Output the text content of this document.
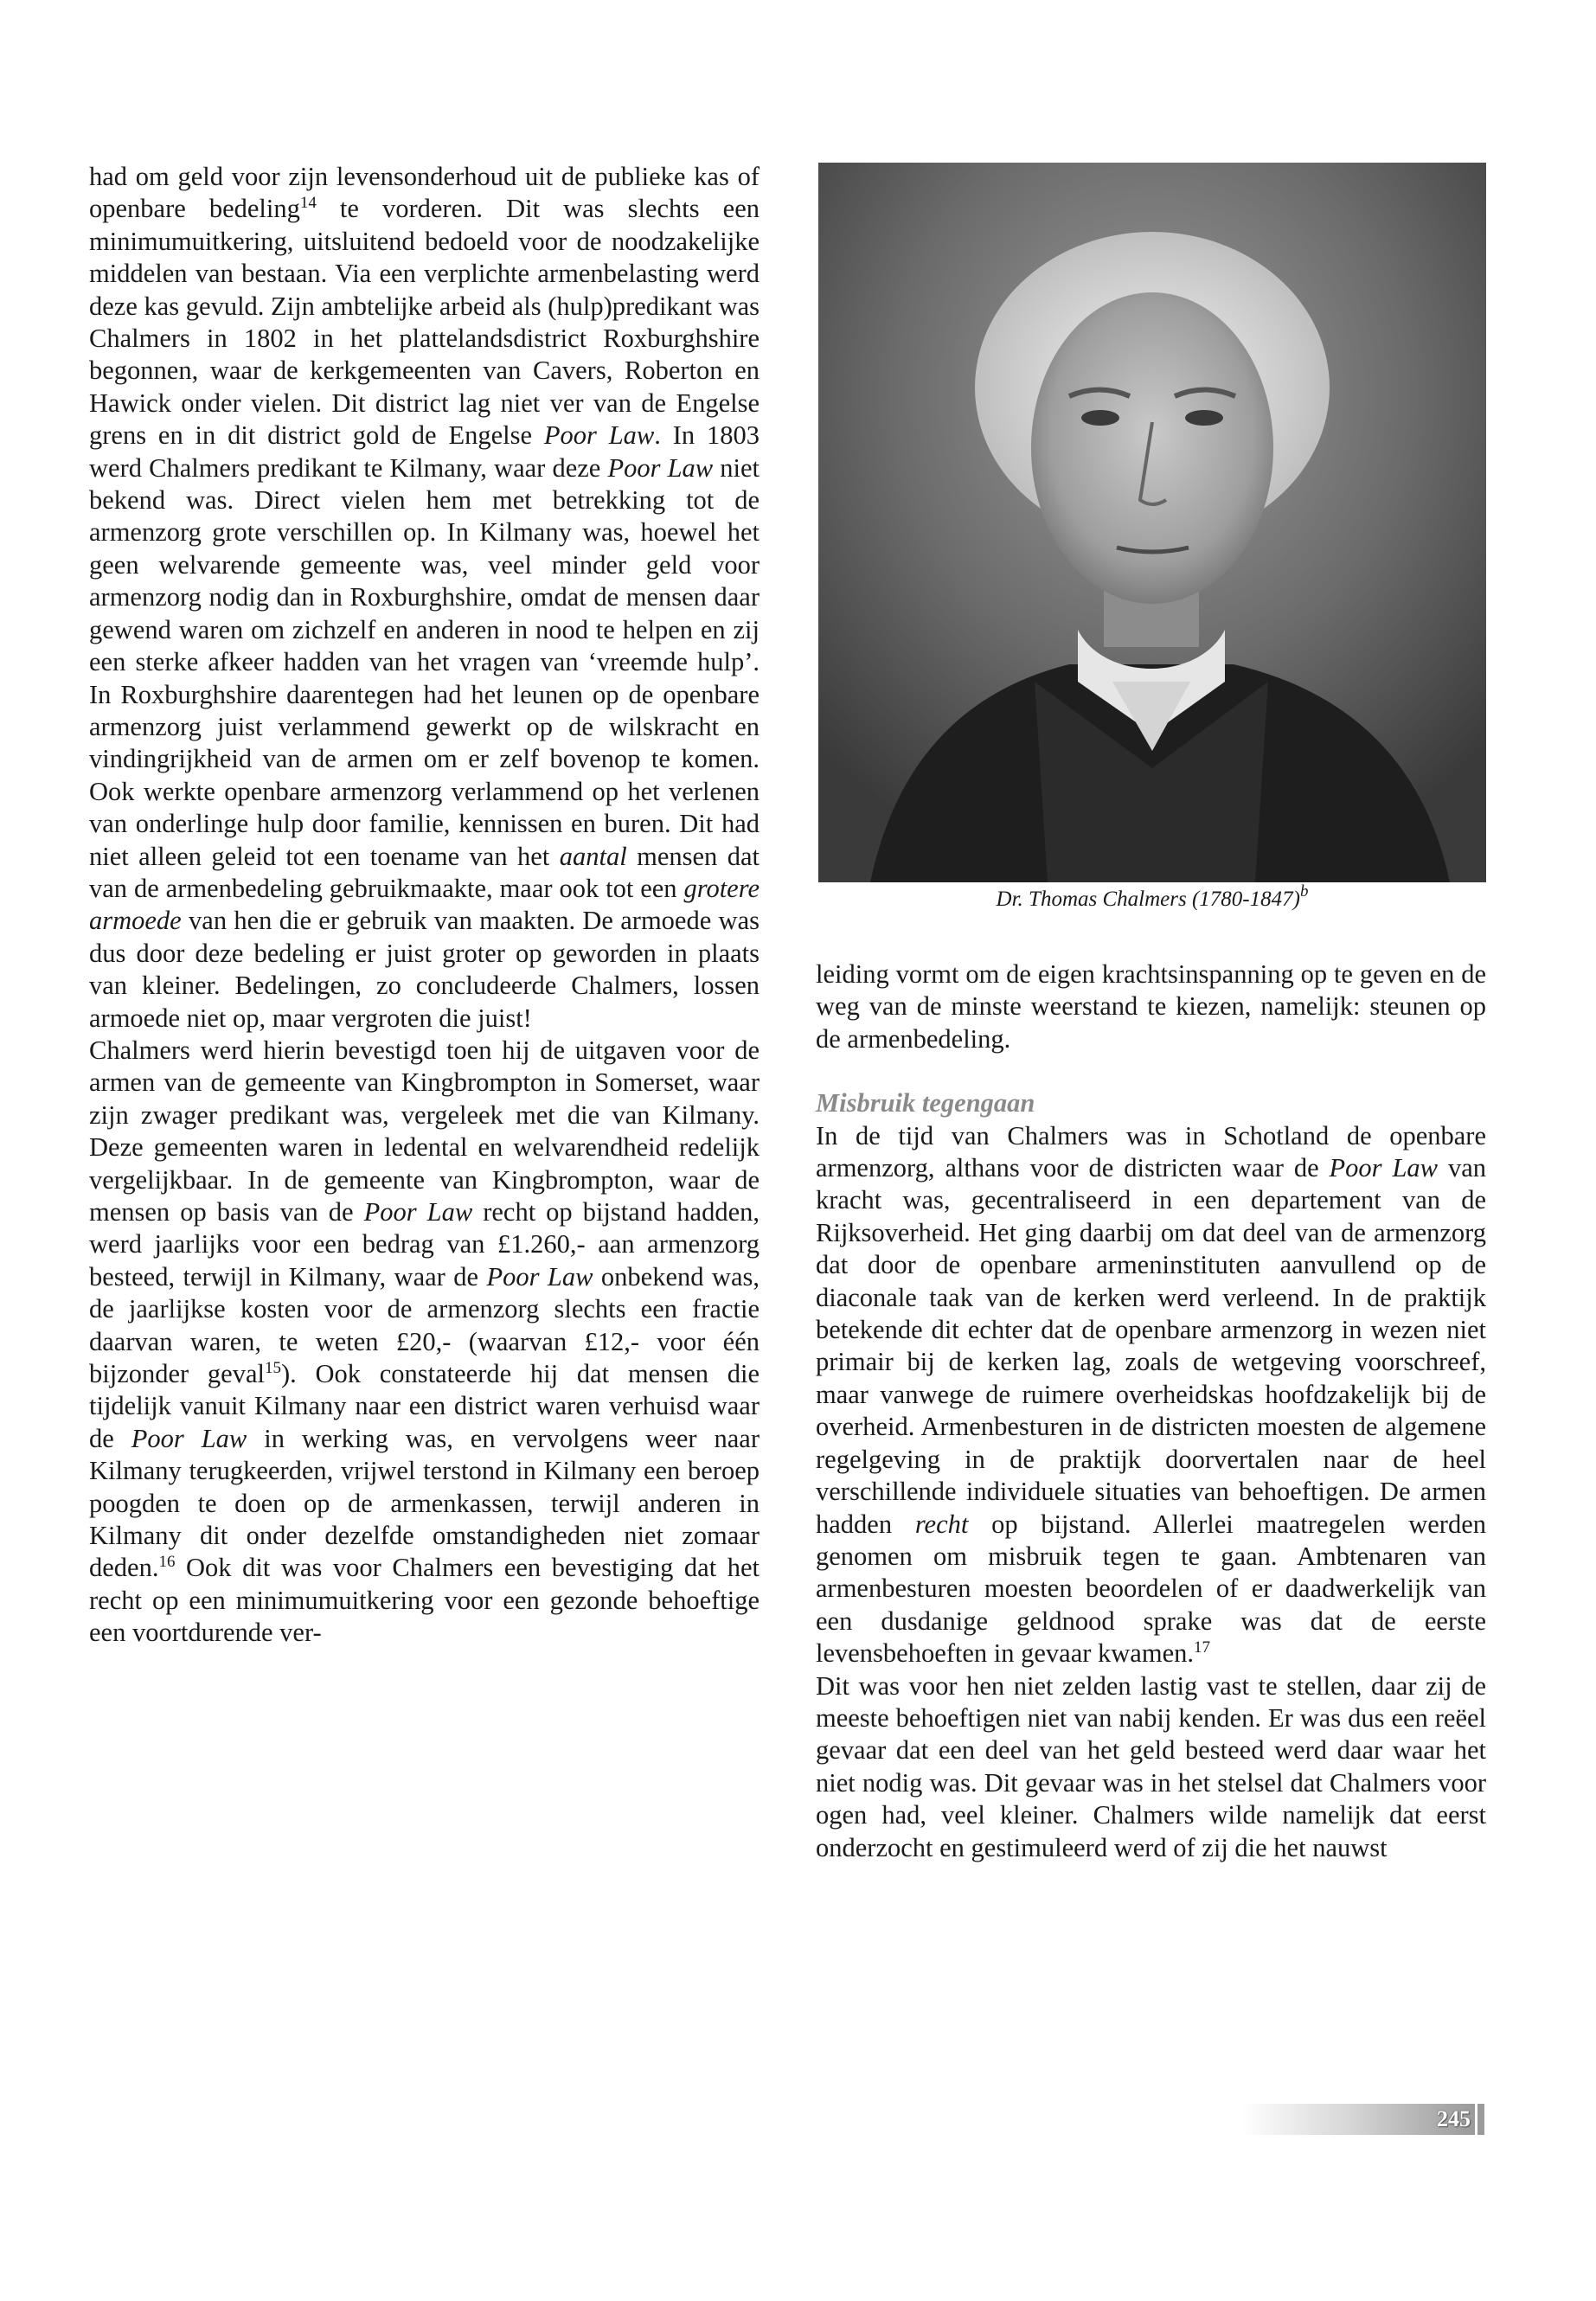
had om geld voor zijn levensonderhoud uit de publieke kas of openbare bedeling$^{14}$ te vorderen. Dit was slechts een minimumuitkering, uitsluitend bedoeld voor de noodzakelijke middelen van bestaan. Via een verplichte armenbelasting werd deze kas gevuld. Zijn ambtelijke arbeid als (hulp)predikant was Chalmers in 1802 in het plattelandsdistrict Roxburghshire begonnen, waar de kerkgemeenten van Cavers, Roberton en Hawick onder vielen. Dit district lag niet ver van de Engelse grens en in dit district gold de Engelse Poor Law. In 1803 werd Chalmers predikant te Kilmany, waar deze Poor Law niet bekend was. Direct vielen hem met betrekking tot de armenzorg grote verschillen op. In Kilmany was, hoewel het geen welvarende gemeente was, veel minder geld voor armenzorg nodig dan in Roxburghshire, omdat de mensen daar gewend waren om zichzelf en anderen in nood te helpen en zij een sterke afkeer hadden van het vragen van ‘vreemde hulp’. In Roxburghshire daarentegen had het leunen op de openbare armenzorg juist verlammend gewerkt op de wilskracht en vindingrijkheid van de armen om er zelf bovenop te komen. Ook werkte openbare armenzorg verlammend op het verlenen van onderlinge hulp door familie, kennissen en buren. Dit had niet alleen geleid tot een toename van het aantal mensen dat van de armenbedeling gebruikmaakte, maar ook tot een grotere armoede van hen die er gebruik van maakten. De armoede was dus door deze bedeling er juist groter op geworden in plaats van kleiner. Bedelingen, zo concludeerde Chalmers, lossen armoede niet op, maar vergroten die juist!

Chalmers werd hierin bevestigd toen hij de uitgaven voor de armen van de gemeente van Kingbrompton in Somerset, waar zijn zwager predikant was, vergeleek met die van Kilmany. Deze gemeenten waren in ledental en welvarendheid redelijk vergelijkbaar. In de gemeente van Kingbrompton, waar de mensen op basis van de Poor Law recht op bijstand hadden, werd jaarlijks voor een bedrag van £1.260,- aan armenzorg besteed, terwijl in Kilmany, waar de Poor Law onbekend was, de jaarlijkse kosten voor de armenzorg slechts een fractie daarvan waren, te weten £20,- (waarvan £12,- voor één bijzonder geval$^{15}$). Ook constateerde hij dat mensen die tijdelijk vanuit Kilmany naar een district waren verhuisd waar de Poor Law in werking was, en vervolgens weer naar Kilmany terugkeerden, vrijwel terstond in Kilmany een beroep poogden te doen op de armenkassen, terwijl anderen in Kilmany dit onder dezelfde omstandigheden niet zomaar deden.$^{16}$ Ook dit was voor Chalmers een bevestiging dat het recht op een minimumuitkering voor een gezonde behoeftige een voortdurende ver-

Dr. Thomas Chalmers (1780-1847)$^b$

leiding vormt om de eigen krachtsinspanning op te geven en de weg van de minste weerstand te kiezen, namelijk: steunen op de armenbedeling.

Misbruik tegengaan

In de tijd van Chalmers was in Schotland de openbare armenzorg, althans voor de districten waar de Poor Law van kracht was, gecentraliseerd in een departement van de Rijksoverheid. Het ging daarbij om dat deel van de armenzorg dat door de openbare armeninstituten aanvullend op de diaconale taak van de kerken werd verleend. In de praktijk betekende dit echter dat de openbare armenzorg in wezen niet primair bij de kerken lag, zoals de wetgeving voorschreef, maar vanwege de ruimere overheidskas hoofdzakelijk bij de overheid. Armenbesturen in de districten moesten de algemene regelgeving in de praktijk doorvertalen naar de heel verschillende individuele situaties van behoeftigen. De armen hadden recht op bijstand. Allerlei maatregelen werden genomen om misbruik tegen te gaan. Ambtenaren van armenbesturen moesten beoordelen of er daadwerkelijk van een dusdanige geldnood sprake was dat de eerste levensbehoeften in gevaar kwamen.$^{17}$

Dit was voor hen niet zelden lastig vast te stellen, daar zij de meeste behoeftigen niet van nabij kenden. Er was dus een reëel gevaar dat een deel van het geld besteed werd daar waar het niet nodig was. Dit gevaar was in het stelsel dat Chalmers voor ogen had, veel kleiner. Chalmers wilde namelijk dat eerst onderzocht en gestimuleerd werd of zij die het nauwst

245
